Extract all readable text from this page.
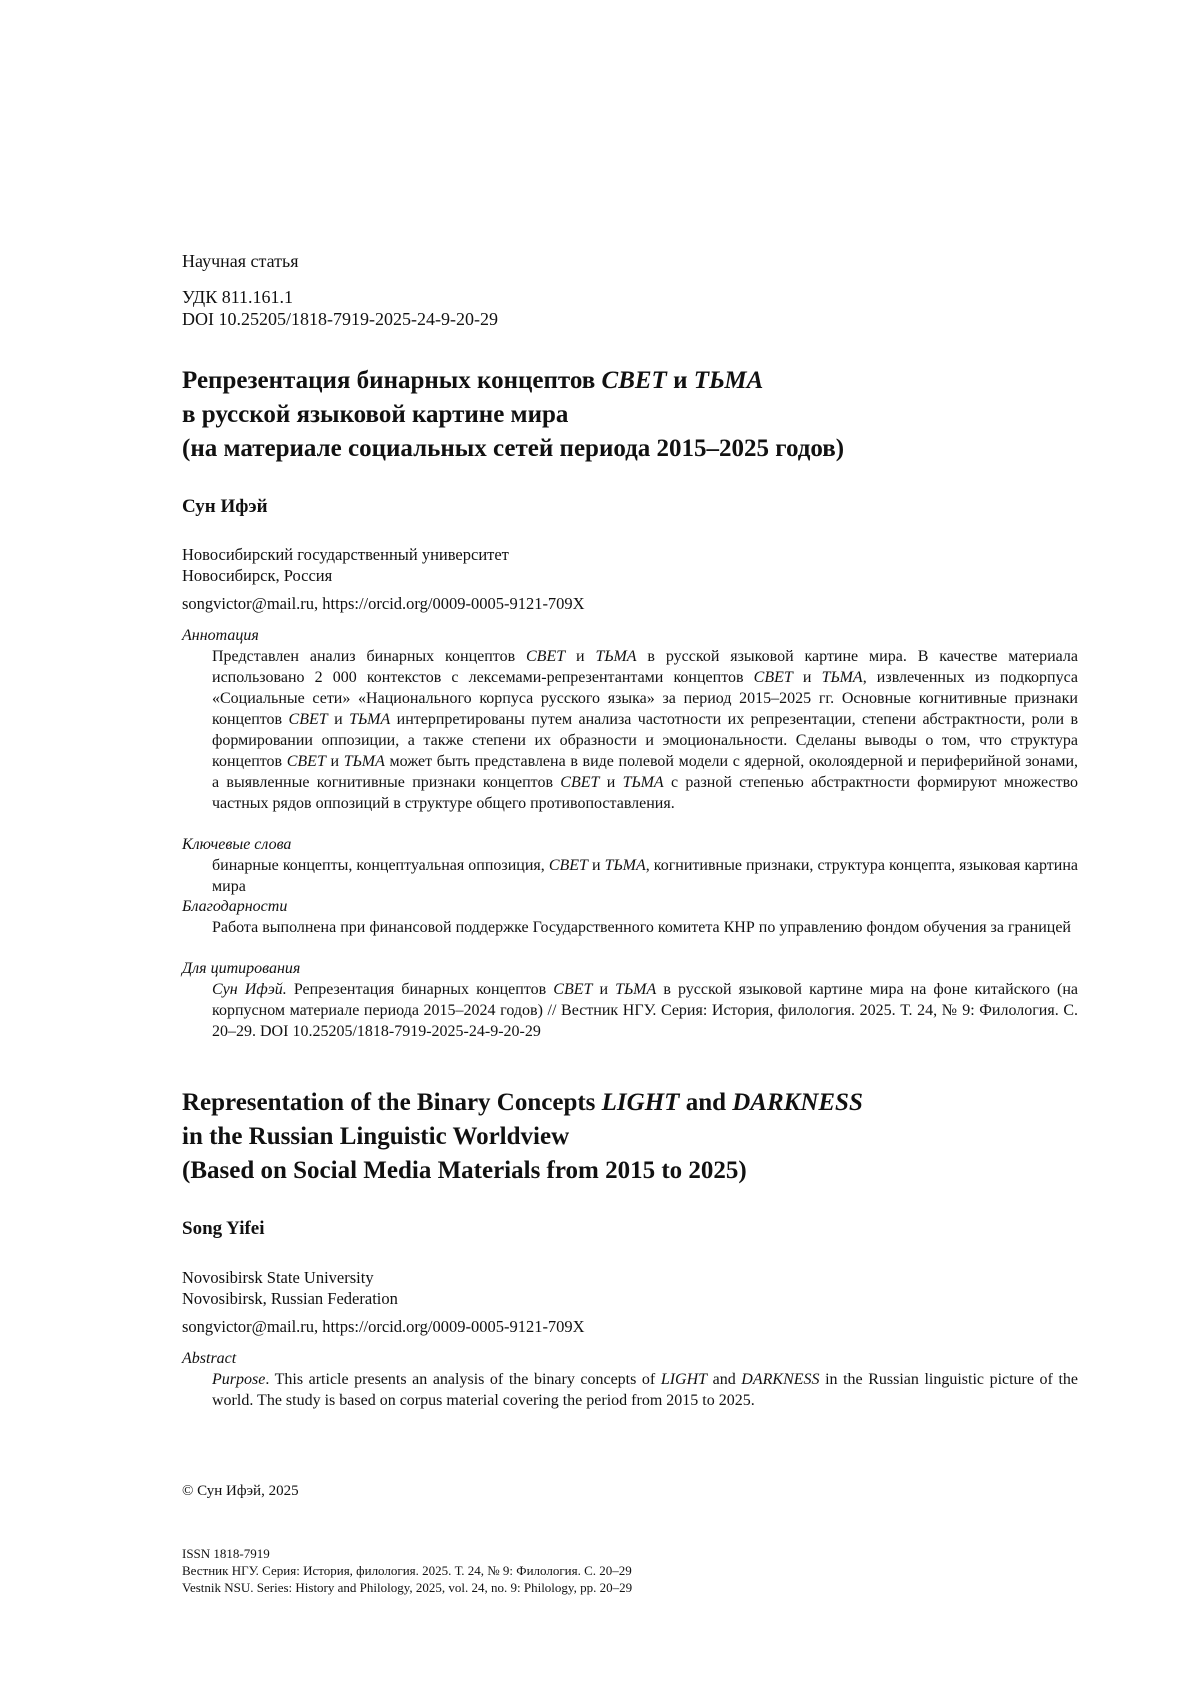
Научная статья
УДК 811.161.1
DOI 10.25205/1818-7919-2025-24-9-20-29
Репрезентация бинарных концептов СВЕТ и ТЬМА
в русской языковой картине мира
(на материале социальных сетей периода 2015–2025 годов)
Сун Ифэй
Новосибирский государственный университет
Новосибирск, Россия
songvictor@mail.ru, https://orcid.org/0009-0005-9121-709X
Аннотация
Представлен анализ бинарных концептов СВЕТ и ТЬМА в русской языковой картине мира. В качестве материала использовано 2 000 контекстов с лексемами-репрезентантами концептов СВЕТ и ТЬМА, извлеченных из подкорпуса «Социальные сети» «Национального корпуса русского языка» за период 2015–2025 гг. Основные когнитивные признаки концептов СВЕТ и ТЬМА интерпретированы путем анализа частотности их репрезентации, степени абстрактности, роли в формировании оппозиции, а также степени их образности и эмоциональности. Сделаны выводы о том, что структура концептов СВЕТ и ТЬМА может быть представлена в виде полевой модели с ядерной, околоядерной и периферийной зонами, а выявленные когнитивные признаки концептов СВЕТ и ТЬМА с разной степенью абстрактности формируют множество частных рядов оппозиций в структуре общего противопоставления.
Ключевые слова
бинарные концепты, концептуальная оппозиция, СВЕТ и ТЬМА, когнитивные признаки, структура концепта, языковая картина мира
Благодарности
Работа выполнена при финансовой поддержке Государственного комитета КНР по управлению фондом обучения за границей
Для цитирования
Сун Ифэй. Репрезентация бинарных концептов СВЕТ и ТЬМА в русской языковой картине мира на фоне китайского (на корпусном материале периода 2015–2024 годов) // Вестник НГУ. Серия: История, филология. 2025. Т. 24, № 9: Филология. С. 20–29. DOI 10.25205/1818-7919-2025-24-9-20-29
Representation of the Binary Concepts LIGHT and DARKNESS
in the Russian Linguistic Worldview
(Based on Social Media Materials from 2015 to 2025)
Song Yifei
Novosibirsk State University
Novosibirsk, Russian Federation
songvictor@mail.ru, https://orcid.org/0009-0005-9121-709X
Abstract
Purpose. This article presents an analysis of the binary concepts of LIGHT and DARKNESS in the Russian linguistic picture of the world. The study is based on corpus material covering the period from 2015 to 2025.
© Сун Ифэй, 2025
ISSN 1818-7919
Вестник НГУ. Серия: История, филология. 2025. Т. 24, № 9: Филология. С. 20–29
Vestnik NSU. Series: History and Philology, 2025, vol. 24, no. 9: Philology, pp. 20–29
